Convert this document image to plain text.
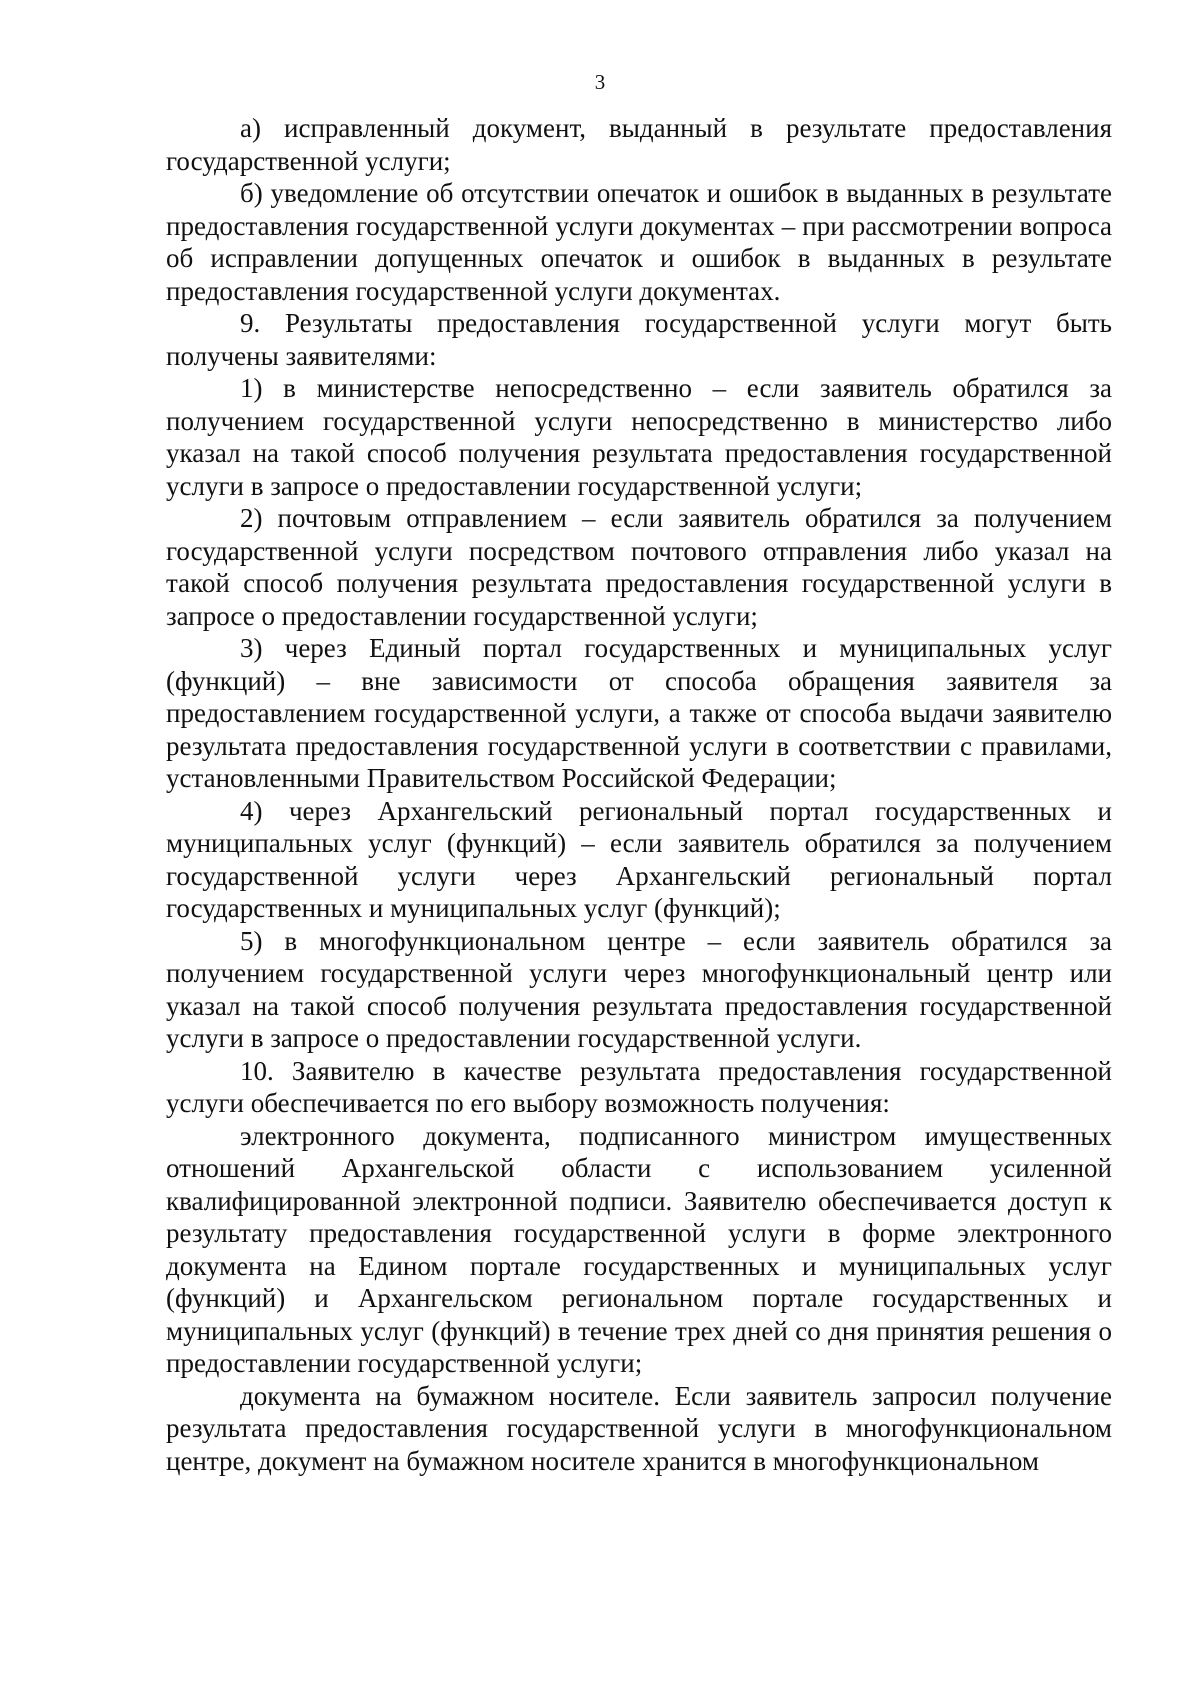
3

а) исправленный документ, выданный в результате предоставления государственной услуги;

б) уведомление об отсутствии опечаток и ошибок в выданных в результате предоставления государственной услуги документах – при рассмотрении вопроса об исправлении допущенных опечаток и ошибок в выданных в результате предоставления государственной услуги документах.

9. Результаты предоставления государственной услуги могут быть получены заявителями:

1) в министерстве непосредственно – если заявитель обратился за получением государственной услуги непосредственно в министерство либо указал на такой способ получения результата предоставления государственной услуги в запросе о предоставлении государственной услуги;

2) почтовым отправлением – если заявитель обратился за получением государственной услуги посредством почтового отправления либо указал на такой способ получения результата предоставления государственной услуги в запросе о предоставлении государственной услуги;

3) через Единый портал государственных и муниципальных услуг (функций) – вне зависимости от способа обращения заявителя за предоставлением государственной услуги, а также от способа выдачи заявителю результата предоставления государственной услуги в соответствии с правилами, установленными Правительством Российской Федерации;

4) через Архангельский региональный портал государственных и муниципальных услуг (функций) – если заявитель обратился за получением государственной услуги через Архангельский региональный портал государственных и муниципальных услуг (функций);

5) в многофункциональном центре – если заявитель обратился за получением государственной услуги через многофункциональный центр или указал на такой способ получения результата предоставления государственной услуги в запросе о предоставлении государственной услуги.

10. Заявителю в качестве результата предоставления государственной услуги обеспечивается по его выбору возможность получения:

электронного документа, подписанного министром имущественных отношений Архангельской области с использованием усиленной квалифицированной электронной подписи. Заявителю обеспечивается доступ к результату предоставления государственной услуги в форме электронного документа на Едином портале государственных и муниципальных услуг (функций) и Архангельском региональном портале государственных и муниципальных услуг (функций) в течение трех дней со дня принятия решения о предоставлении государственной услуги;

документа на бумажном носителе. Если заявитель запросил получение результата предоставления государственной услуги в многофункциональном центре, документ на бумажном носителе хранится в многофункциональном
